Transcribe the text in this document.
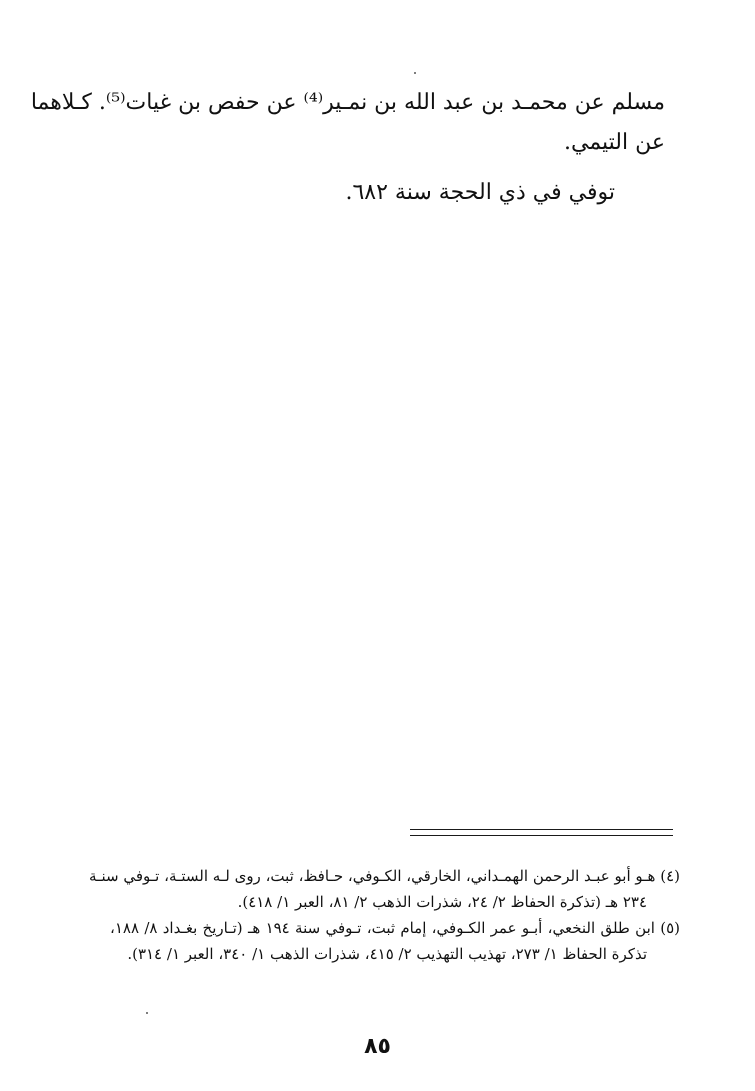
مسلم عن محمـد بن عبد الله بن نمـير⁽⁴⁾ عن حفص بن غيات⁽⁵⁾. كـلاهما
عن التيمي.
توفي في ذي الحجة سنة ٦٨٢.
(٤) هـو أبو عبـد الرحمن الهمـداني، الخارقي، الكـوفي، حـافظ، ثبت، روى لـه الستـة، تـوفي سنـة
٢٣٤ هـ (تذكرة الحفاظ ٢/ ٢٤، شذرات الذهب ٢/ ٨١، العبر ١/ ٤١٨).
(٥) ابن طلق النخعي، أبـو عمر الكـوفي، إمام ثبت، تـوفي سنة ١٩٤ هـ (تـاريخ بغـداد ٨/ ١٨٨،
تذكرة الحفاظ ١/ ٢٧٣، تهذيب التهذيب ٢/ ٤١٥، شذرات الذهب ١/ ٣٤٠، العبر ١/ ٣١٤).
٨٥
